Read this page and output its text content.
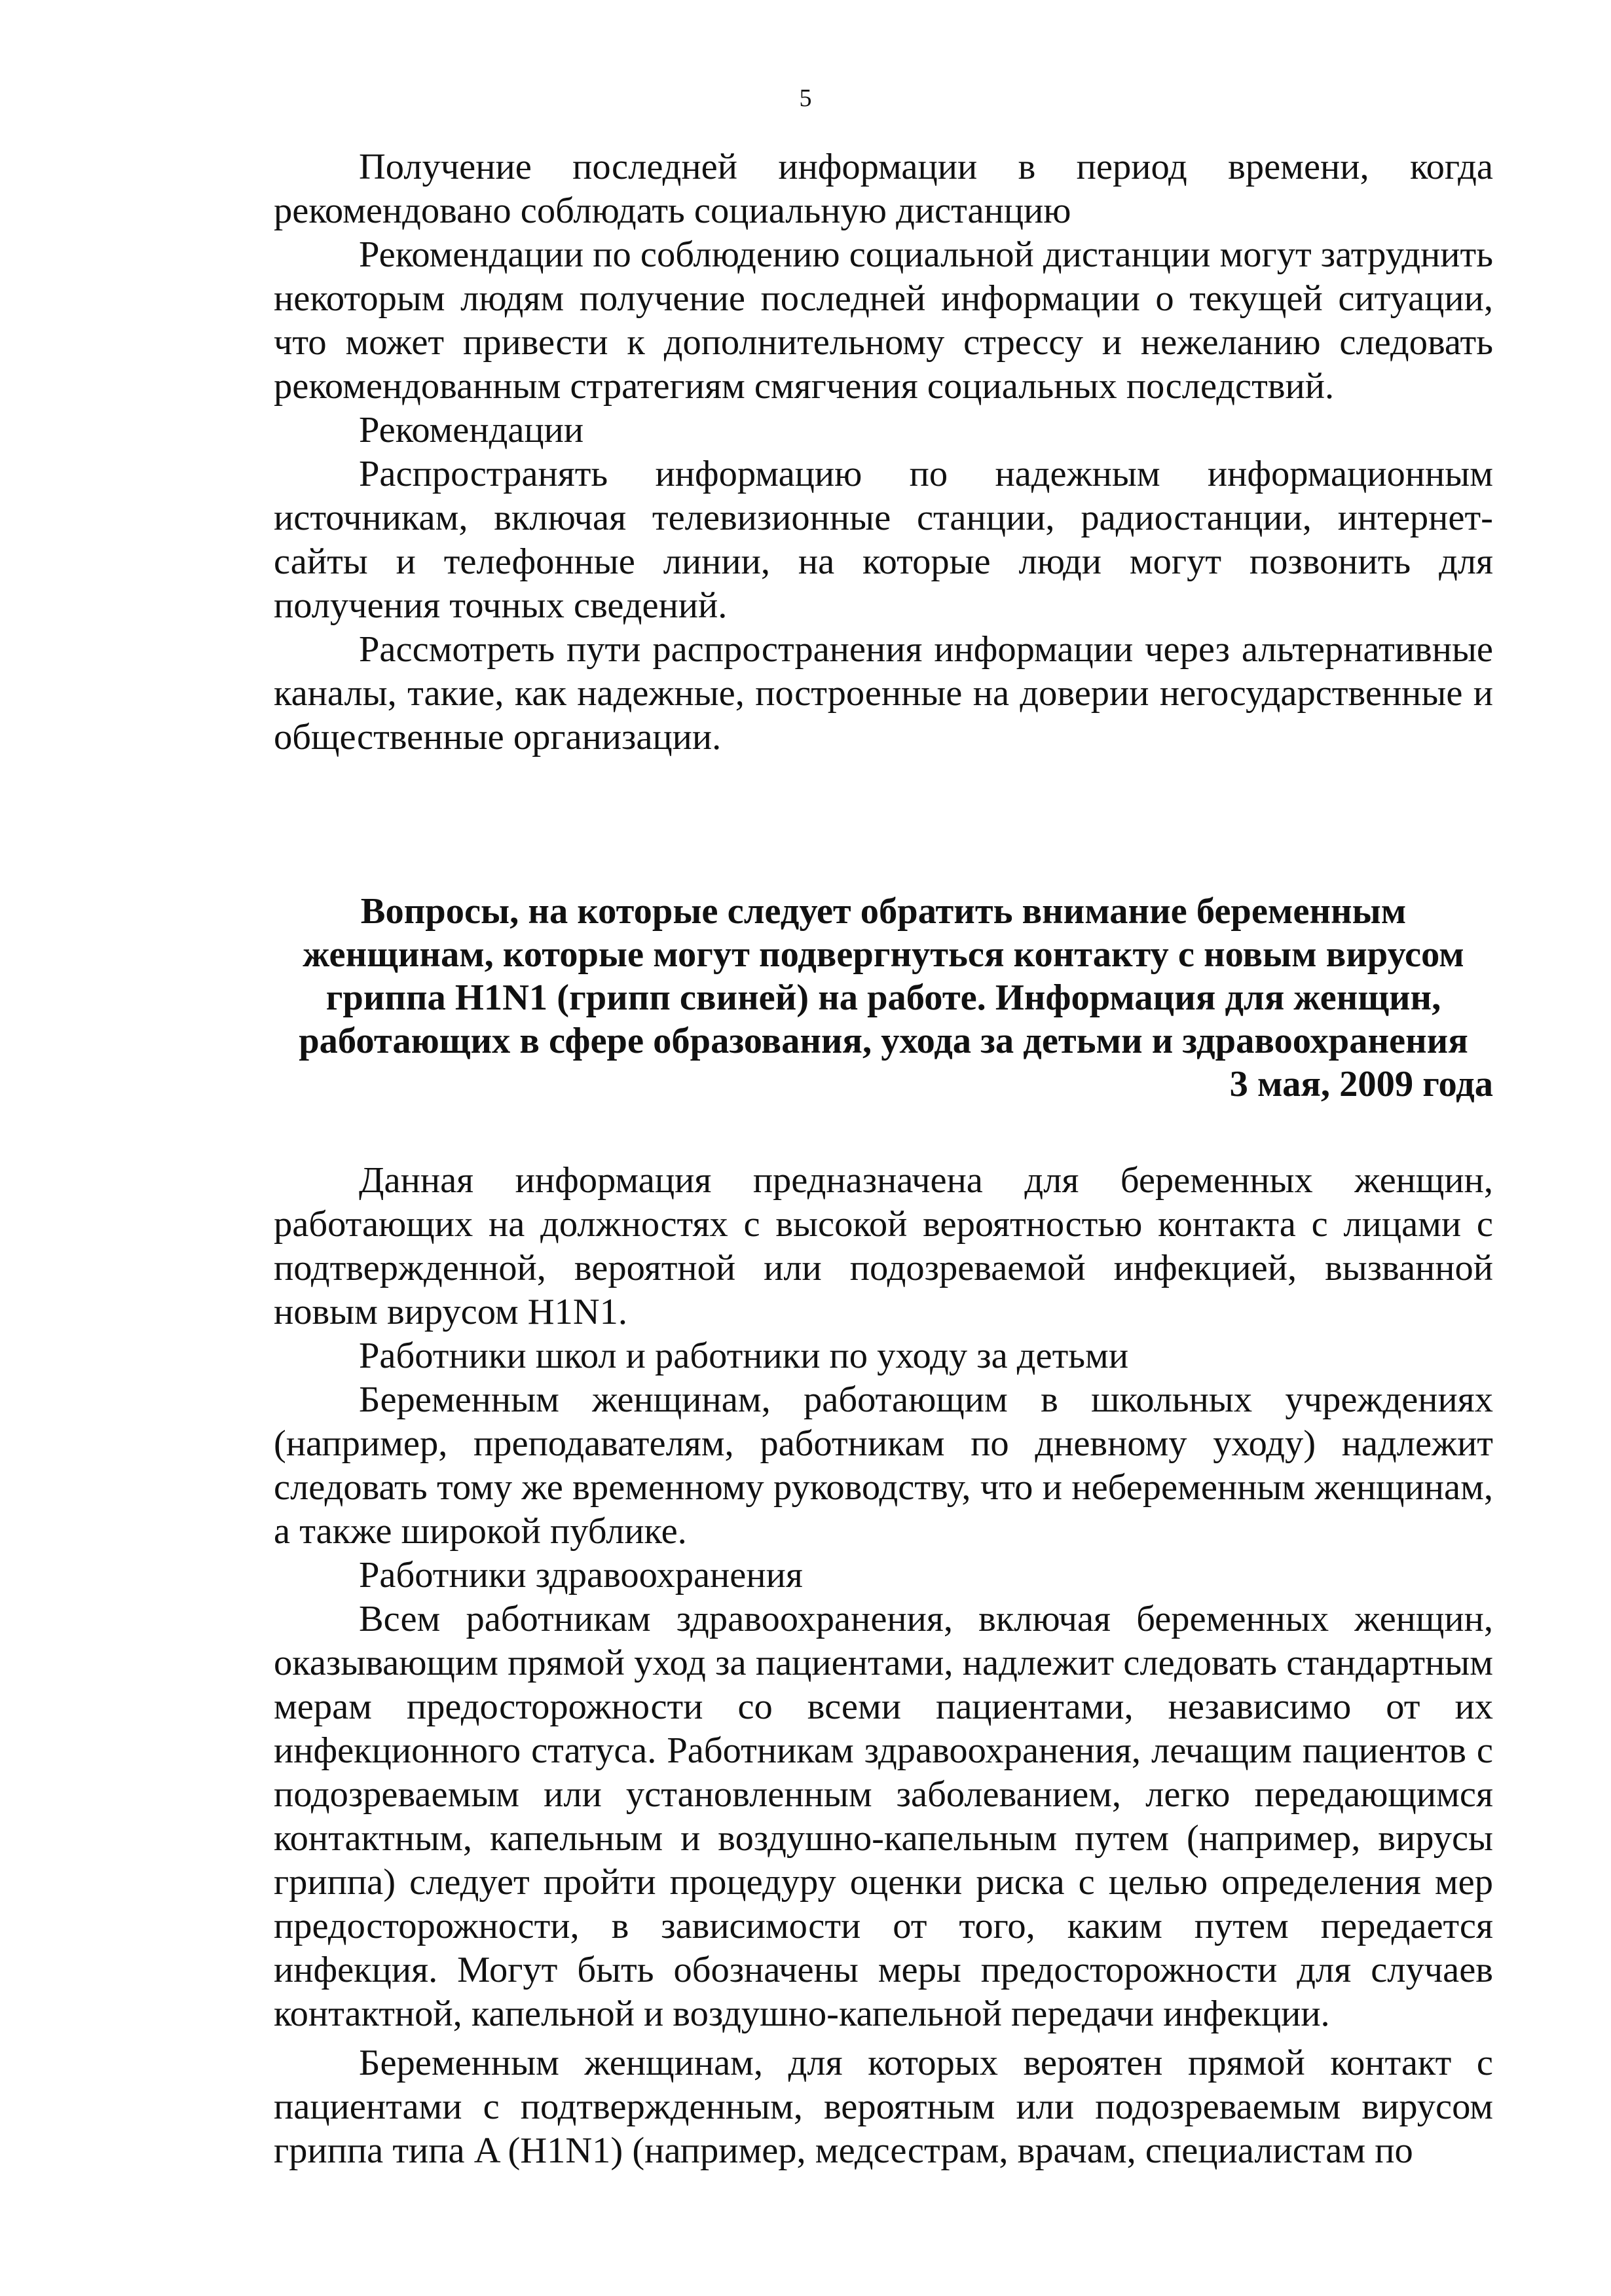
5

Получение последней информации в период времени, когда рекомендовано соблюдать социальную дистанцию

Рекомендации по соблюдению социальной дистанции могут затруднить некоторым людям получение последней информации о текущей ситуации, что может привести к дополнительному стрессу и нежеланию следовать рекомендованным стратегиям смягчения социальных последствий.

Рекомендации

Распространять информацию по надежным информационным источникам, включая телевизионные станции, радиостанции, интернет-сайты и телефонные линии, на которые люди могут позвонить для получения точных сведений.

Рассмотреть пути распространения информации через альтернативные каналы, такие, как надежные, построенные на доверии негосударственные и общественные организации.

Вопросы, на которые следует обратить внимание беременным женщинам, которые могут подвергнуться контакту с новым вирусом гриппа H1N1 (грипп свиней) на работе. Информация для женщин, работающих в сфере образования, ухода за детьми и здравоохранения
3 мая, 2009 года

Данная информация предназначена для беременных женщин, работающих на должностях с высокой вероятностью контакта с лицами с подтвержденной, вероятной или подозреваемой инфекцией, вызванной новым вирусом H1N1.

Работники школ и работники по уходу за детьми

Беременным женщинам, работающим в школьных учреждениях (например, преподавателям, работникам по дневному уходу) надлежит следовать тому же временному руководству, что и небеременным женщинам, а также широкой публике.

Работники здравоохранения

Всем работникам здравоохранения, включая беременных женщин, оказывающим прямой уход за пациентами, надлежит следовать стандартным мерам предосторожности со всеми пациентами, независимо от их инфекционного статуса. Работникам здравоохранения, лечащим пациентов с подозреваемым или установленным заболеванием, легко передающимся контактным, капельным и воздушно-капельным путем (например, вирусы гриппа) следует пройти процедуру оценки риска с целью определения мер предосторожности, в зависимости от того, каким путем передается инфекция. Могут быть обозначены меры предосторожности для случаев контактной, капельной и воздушно-капельной передачи инфекции.

Беременным женщинам, для которых вероятен прямой контакт с пациентами с подтвержденным, вероятным или подозреваемым вирусом гриппа типа A (H1N1) (например, медсестрам, врачам, специалистам по
